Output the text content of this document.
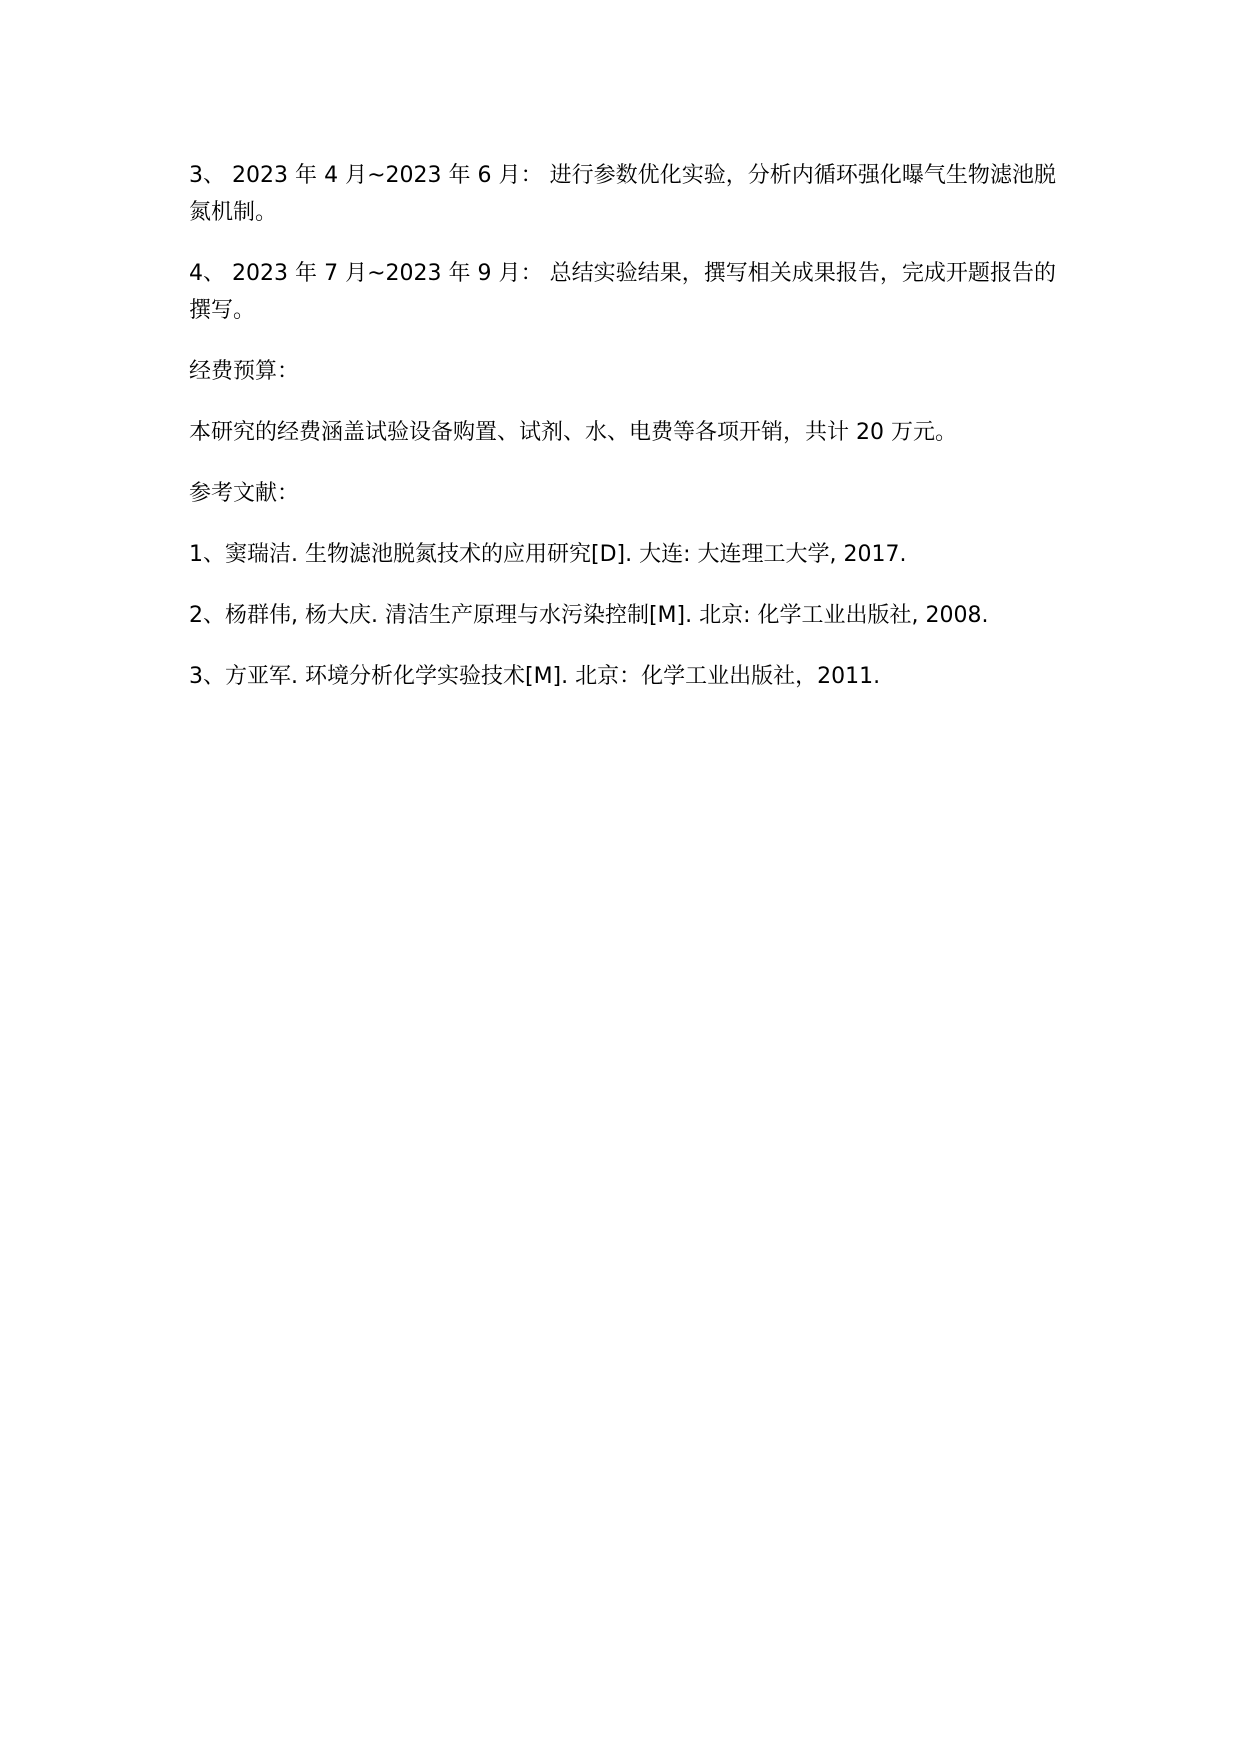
3、 2023 年 4 月~2023 年 6 月： 进行参数优化实验，分析内循环强化曝气生物滤池脱氮机制。

4、 2023 年 7 月~2023 年 9 月： 总结实验结果，撰写相关成果报告，完成开题报告的撰写。

经费预算：

本研究的经费涵盖试验设备购置、试剂、水、电费等各项开销，共计 20 万元。

参考文献：

1、窦瑞洁. 生物滤池脱氮技术的应用研究[D]. 大连: 大连理工大学, 2017.

2、杨群伟, 杨大庆. 清洁生产原理与水污染控制[M]. 北京: 化学工业出版社, 2008.

3、方亚军. 环境分析化学实验技术[M]. 北京：化学工业出版社，2011.
